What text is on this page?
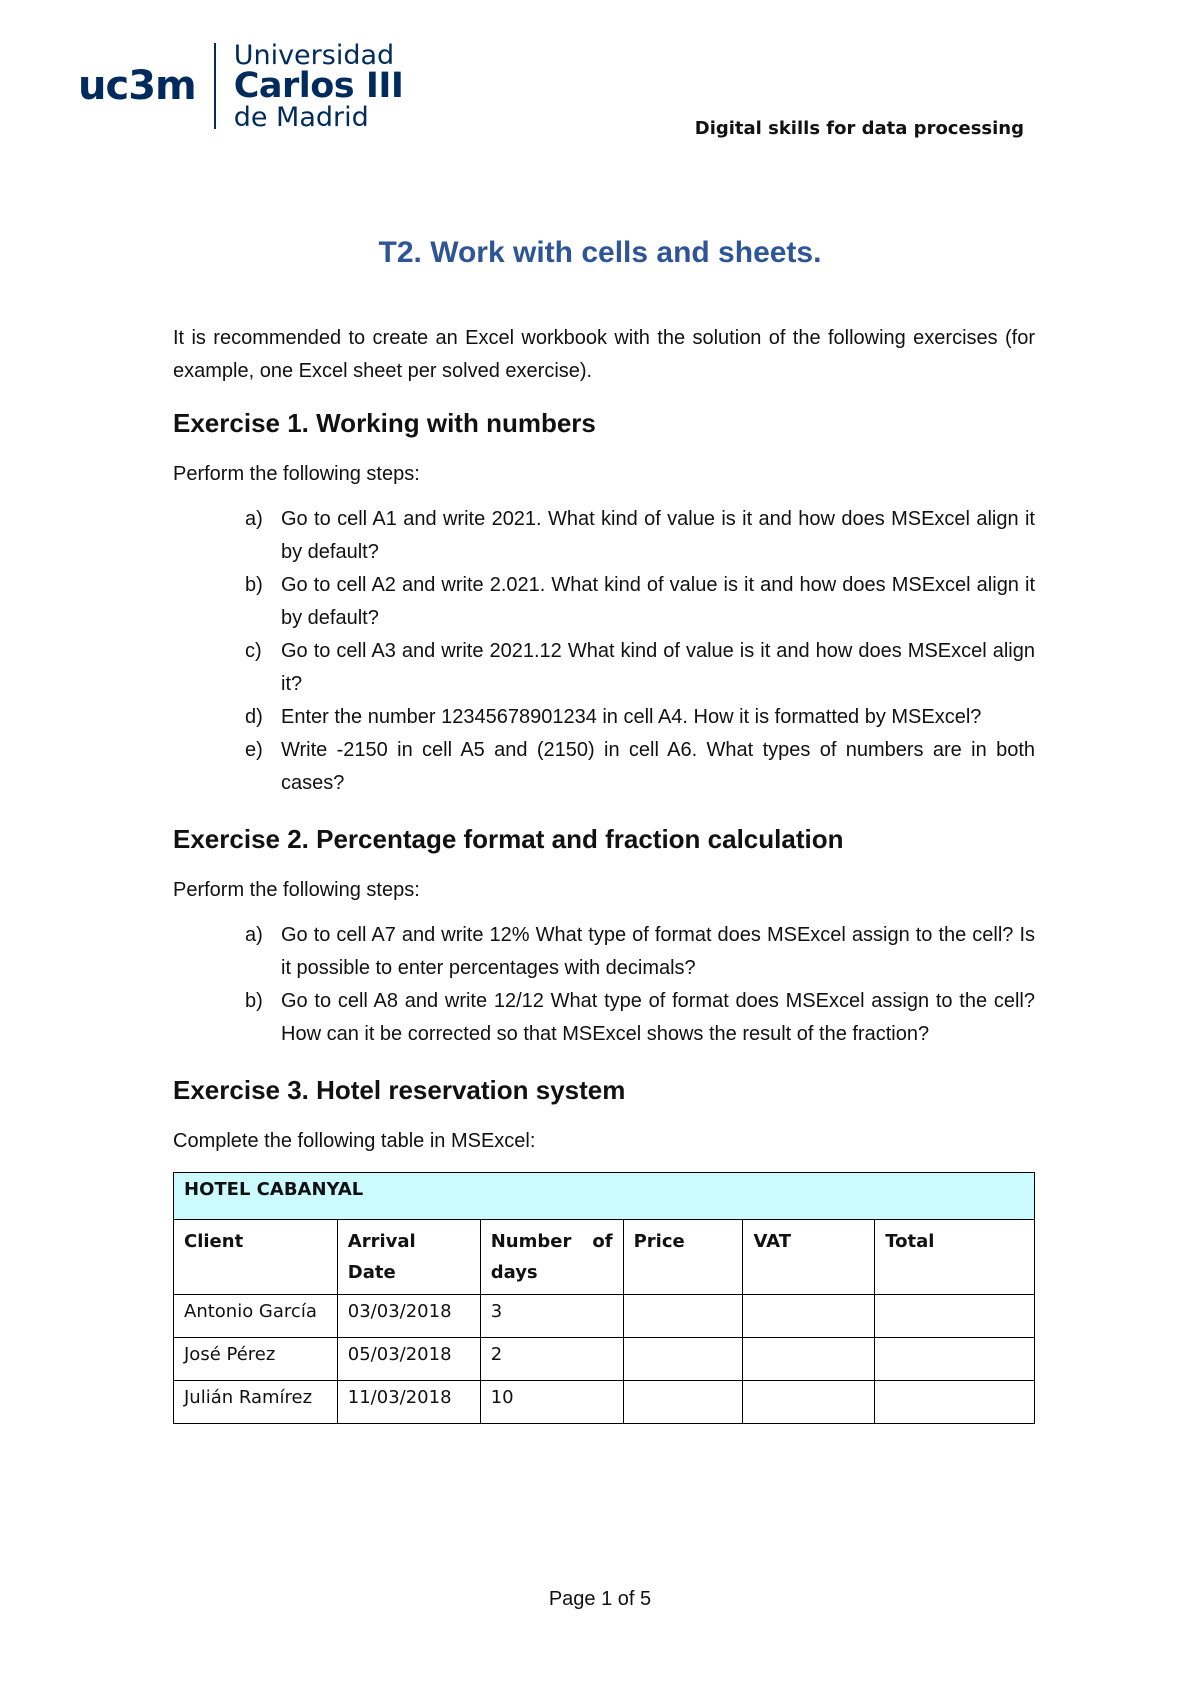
uc3m
Universidad
Carlos III
de Madrid	Digital skills for data processing
T2. Work with cells and sheets.

It is recommended to create an Excel workbook with the solution of the following exercises (for example, one Excel sheet per solved exercise).

Exercise 1. Working with numbers

Perform the following steps:

a) Go to cell A1 and write 2021. What kind of value is it and how does MSExcel align it by default?
b) Go to cell A2 and write 2.021. What kind of value is it and how does MSExcel align it by default?
c) Go to cell A3 and write 2021.12 What kind of value is it and how does MSExcel align it?
d) Enter the number 12345678901234 in cell A4. How it is formatted by MSExcel?
e) Write -2150 in cell A5 and (2150) in cell A6. What types of numbers are in both cases?
Exercise 2. Percentage format and fraction calculation

Perform the following steps:

a) Go to cell A7 and write 12% What type of format does MSExcel assign to the cell? Is it possible to enter percentages with decimals?
b) Go to cell A8 and write 12/12 What type of format does MSExcel assign to the cell? How can it be corrected so that MSExcel shows the result of the fraction?
Exercise 3. Hotel reservation system

Complete the following table in MSExcel:

HOTEL CABANYAL					
Client	Arrival Date	Number of days	Price	VAT	Total
Antonio García	03/03/2018	3			
José Pérez	05/03/2018	2			
Julián Ramírez	11/03/2018	10			
Page 1 of 5
